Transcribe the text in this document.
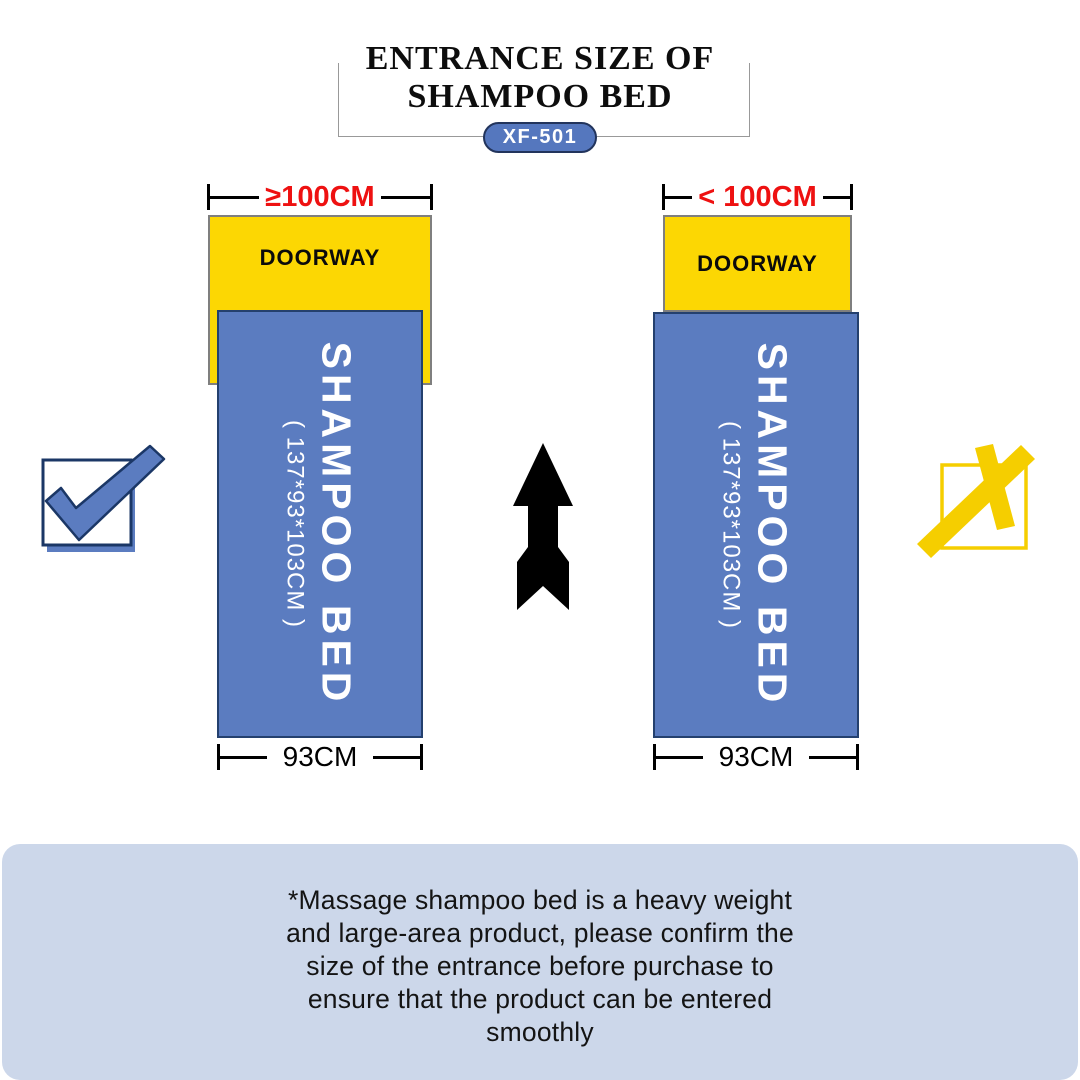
ENTRANCE SIZE OF
SHAMPOO BED
XF-501
≥100CM
DOORWAY
SHAMPOO BED
( 137*93*103CM )
93CM
< 100CM
DOORWAY
SHAMPOO BED
( 137*93*103CM )
93CM

*Massage shampoo bed is a heavy weight
and large-area product, please confirm the
size of the entrance before purchase to
ensure that the product can be entered
smoothly
